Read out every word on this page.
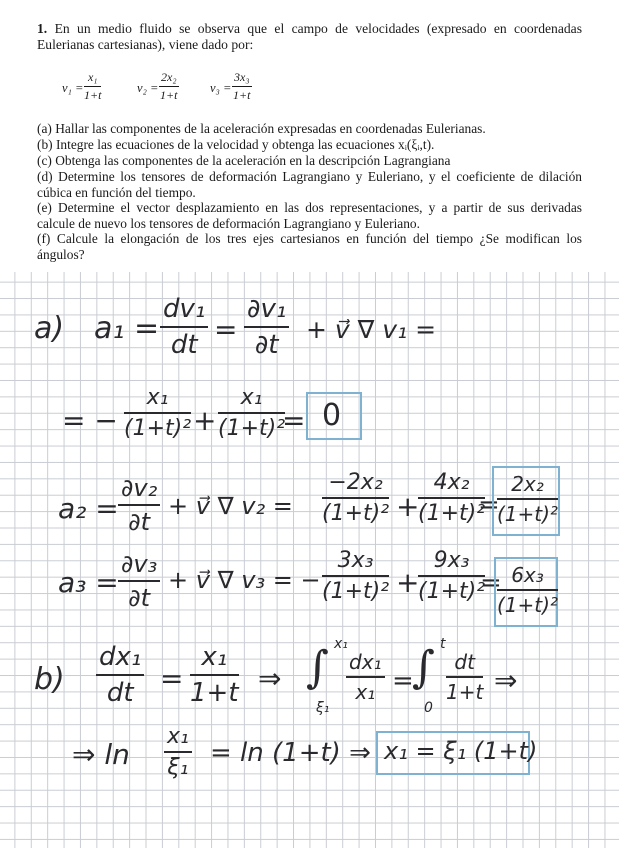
1. En un medio fluido se observa que el campo de velocidades (expresado en coordenadas Eulerianas cartesianas), viene dado por:
$v_1 = \frac{\text{x₁}}{1+t}$	$v_2 = \frac{\text{2x₂}}{1+t}$	$v_3 = \frac{\text{3x₃}}{1+t}$
(a) Hallar las componentes de la aceleración expresadas en coordenadas Eulerianas.
(b) Integre las ecuaciones de la velocidad y obtenga las ecuaciones xᵢ(ξᵢ,t).
(c) Obtenga las componentes de la aceleración en la descripción Lagrangiana
(d) Determine los tensores de deformación Lagrangiano y Euleriano, y el coeficiente de dilación cúbica en función del tiempo.
(e) Determine el vector desplazamiento en las dos representaciones, y a partir de sus derivadas calcule de nuevo los tensores de deformación Lagrangiano y Euleriano.
(f) Calcule la elongación de los tres ejes cartesianos en función del tiempo ¿Se modifican los ángulos?
a) a₁ =
dv₁
dt =
∂v₁
∂t
+ v⃗ ∇ v₁ =
= − $\frac{\text{x₁}}{\text{(1+t)²}} + \frac{\text{x₁}}{\text{(1+t)²}}$
= 0
a₂ =
∂v₂
∂t
+ v⃗ ∇ $v_2 = \frac{\text{−2x₂}}{\text{(1+t)²}}$ +
$\frac{\text{4x₂}}{\text{(1+t)²}}$
=
$\frac{\text{2x₂}}{\text{(1+t)²}}$
a₃ =
∂v₃
∂t
+ v⃗ ∇ v₃ = − $\frac{\text{3x₃}}{\text{(1+t)²}}$ +
$\frac{\text{9x₃}}{\text{(1+t)²}}$
=
$\frac{\text{6x₃}}{\text{(1+t)²}}$
b)
dx₁
dt =
x₁
1+t ⇒ ∫ x₁
ξ₁
dx₁
x₁ =
∫ t
0
dt
1+t ⇒
⇒ ln
x₁
ξ₁ = ln (1+t) ⇒ x₁ = ξ₁ (1+t)
